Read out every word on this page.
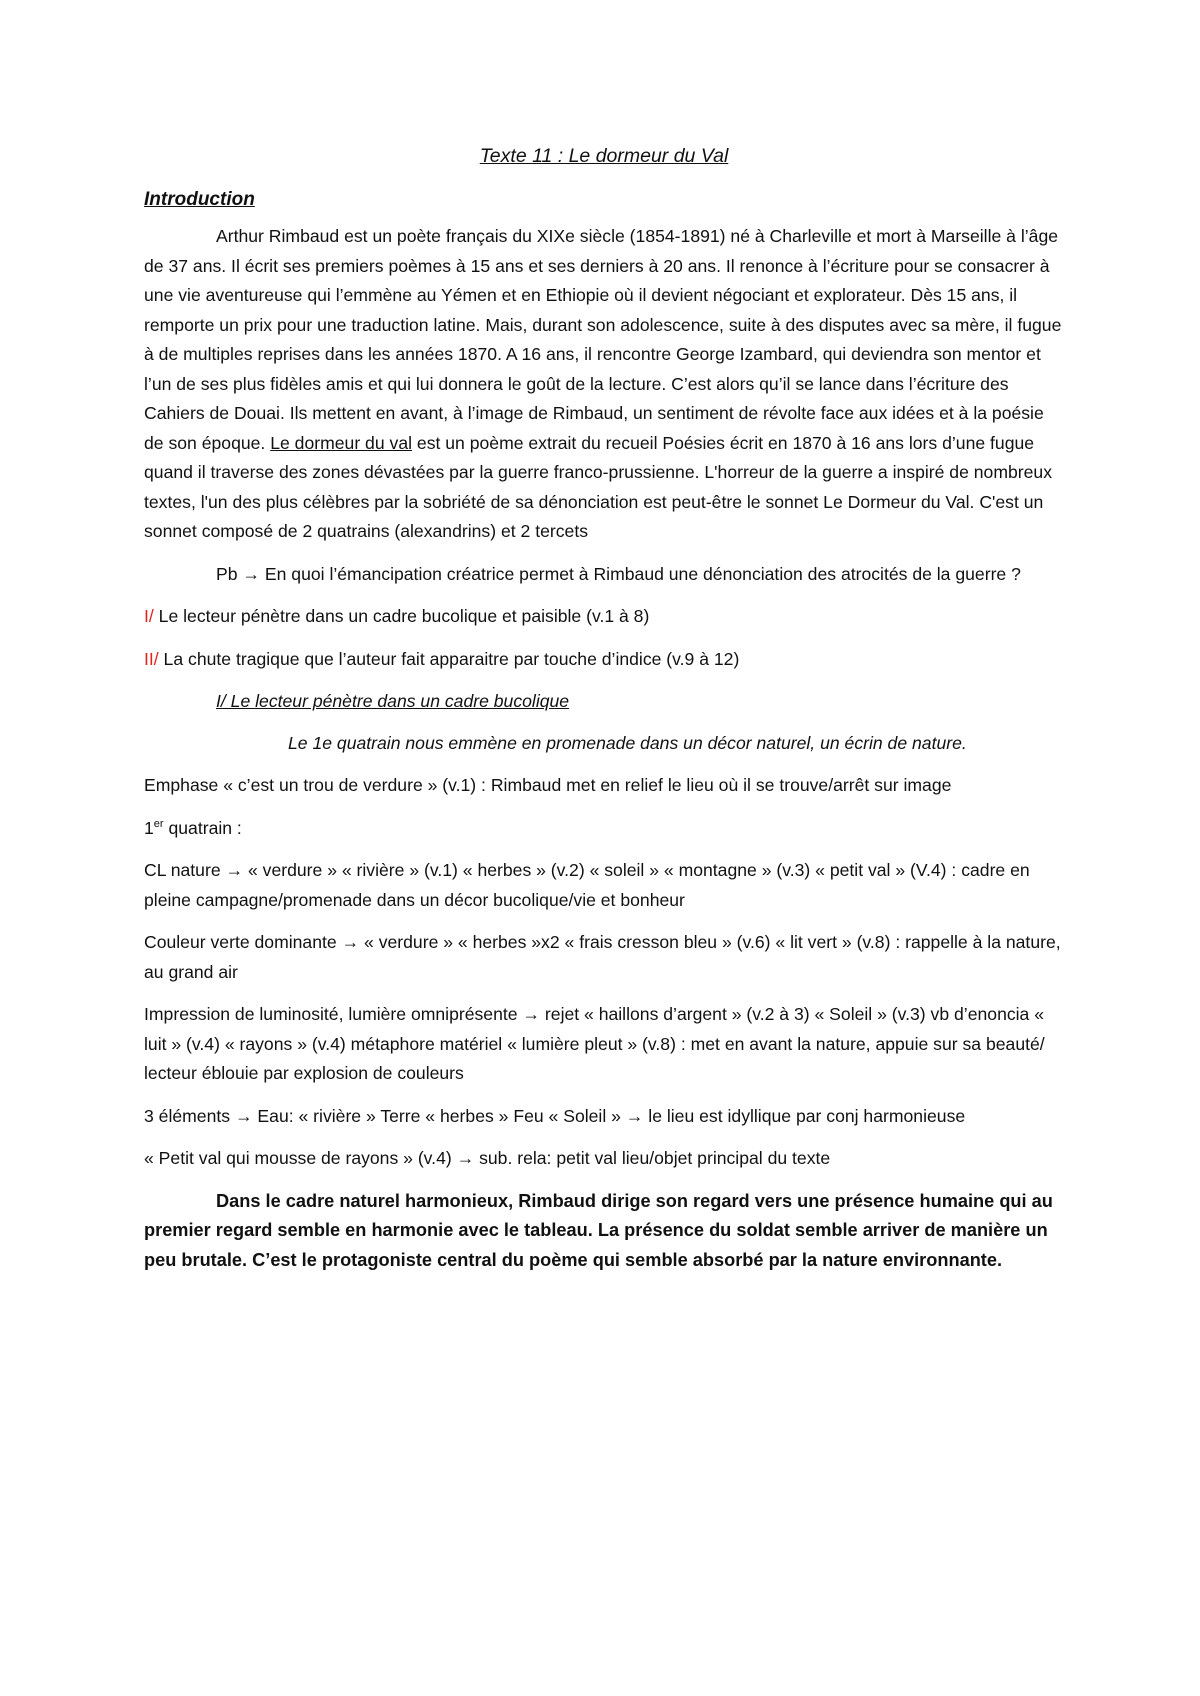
Texte 11 : Le dormeur du Val
Introduction

Arthur Rimbaud est un poète français du XIXe siècle (1854-1891) né à Charleville et mort à Marseille à l’âge de 37 ans. Il écrit ses premiers poèmes à 15 ans et ses derniers à 20 ans. Il renonce à l’écriture pour se consacrer à une vie aventureuse qui l’emmène au Yémen et en Ethiopie où il devient négociant et explorateur. Dès 15 ans, il remporte un prix pour une traduction latine. Mais, durant son adolescence, suite à des disputes avec sa mère, il fugue à de multiples reprises dans les années 1870. A 16 ans, il rencontre George Izambard, qui deviendra son mentor et l’un de ses plus fidèles amis et qui lui donnera le goût de la lecture. C’est alors qu’il se lance dans l’écriture des Cahiers de Douai. Ils mettent en avant, à l’image de Rimbaud, un sentiment de révolte face aux idées et à la poésie de son époque. Le dormeur du val est un poème extrait du recueil Poésies écrit en 1870 à 16 ans lors d’une fugue quand il traverse des zones dévastées par la guerre franco-prussienne. L'horreur de la guerre a inspiré de nombreux textes, l'un des plus célèbres par la sobriété de sa dénonciation est peut-être le sonnet Le Dormeur du Val. C'est un sonnet composé de 2 quatrains (alexandrins) et 2 tercets

Pb → En quoi l’émancipation créatrice permet à Rimbaud une dénonciation des atrocités de la guerre ?

I/ Le lecteur pénètre dans un cadre bucolique et paisible (v.1 à 8)

II/ La chute tragique que l’auteur fait apparaitre par touche d’indice (v.9 à 12)

I/ Le lecteur pénètre dans un cadre bucolique
Le 1e quatrain nous emmène en promenade dans un décor naturel, un écrin de nature.

Emphase « c’est un trou de verdure » (v.1) : Rimbaud met en relief le lieu où il se trouve/arrêt sur image

1er quatrain :

CL nature → « verdure » « rivière » (v.1) « herbes » (v.2) « soleil » « montagne » (v.3) « petit val » (V.4) : cadre en pleine campagne/promenade dans un décor bucolique/vie et bonheur

Couleur verte dominante → « verdure » « herbes »x2 « frais cresson bleu » (v.6) « lit vert » (v.8) : rappelle à la nature, au grand air

Impression de luminosité, lumière omniprésente → rejet « haillons d’argent » (v.2 à 3) « Soleil » (v.3) vb d’enoncia « luit » (v.4) « rayons » (v.4) métaphore matériel « lumière pleut » (v.8) : met en avant la nature, appuie sur sa beauté/ lecteur éblouie par explosion de couleurs

3 éléments → Eau: « rivière » Terre « herbes » Feu « Soleil » → le lieu est idyllique par conj harmonieuse

« Petit val qui mousse de rayons » (v.4) → sub. rela: petit val lieu/objet principal du texte

Dans le cadre naturel harmonieux, Rimbaud dirige son regard vers une présence humaine qui au premier regard semble en harmonie avec le tableau. La présence du soldat semble arriver de manière un peu brutale. C’est le protagoniste central du poème qui semble absorbé par la nature environnante.
